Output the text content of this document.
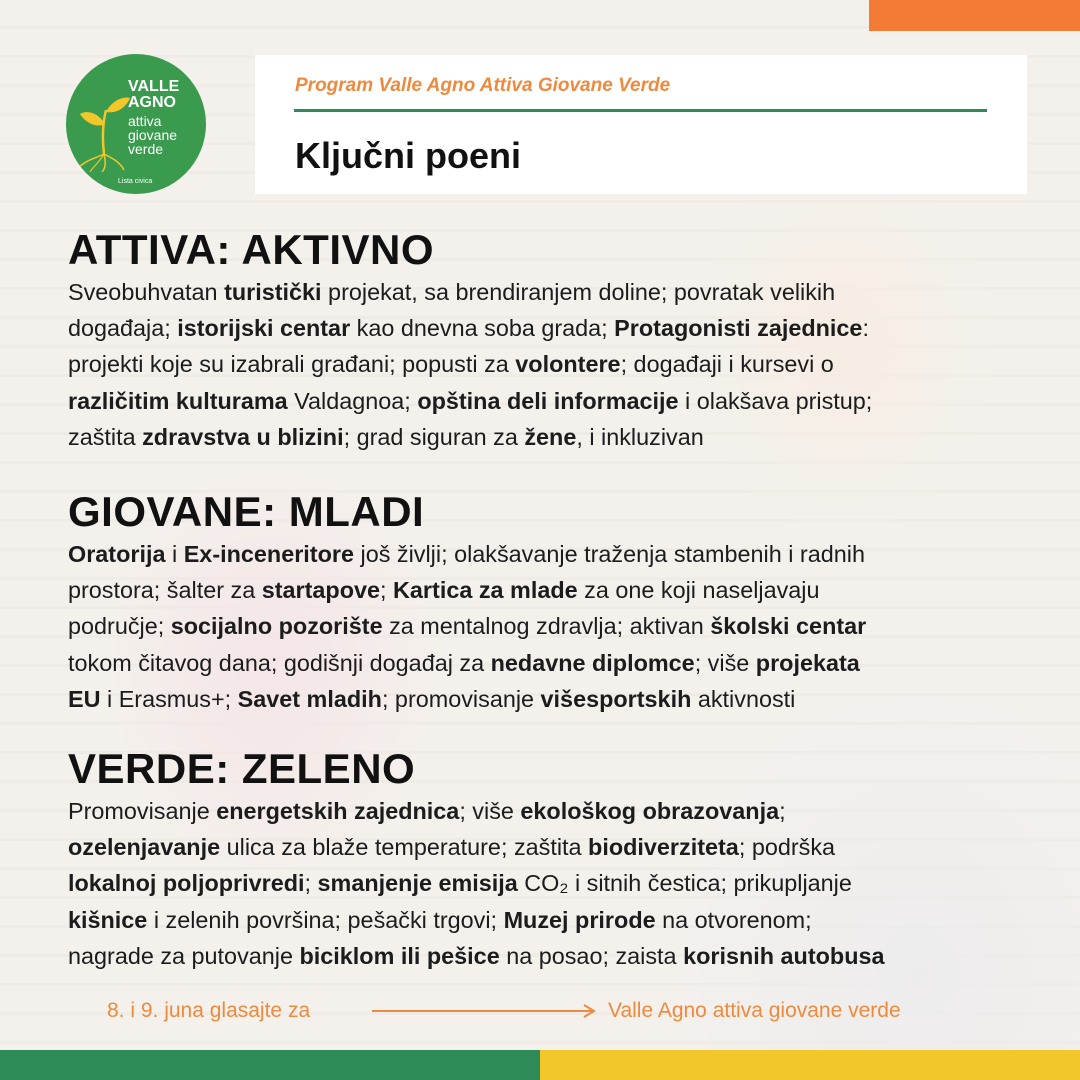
VALLE
AGNO
attiva
giovane
verde
Lista civica
Program Valle Agno Attiva Giovane Verde
Ključni poeni
ATTIVA: AKTIVNO

Sveobuhvatan turistički projekat, sa brendiranjem doline; povratak velikih

događaja; istorijski centar kao dnevna soba grada; Protagonisti zajednice:

projekti koje su izabrali građani; popusti za volontere; događaji i kursevi o

različitim kulturama Valdagnoa; opština deli informacije i olakšava pristup;

zaštita zdravstva u blizini; grad siguran za žene, i inkluzivan

GIOVANE: MLADI

Oratorija i Ex-inceneritore još življi; olakšavanje traženja stambenih i radnih

prostora; šalter za startapove; Kartica za mlade za one koji naseljavaju

područje; socijalno pozorište za mentalnog zdravlja; aktivan školski centar

tokom čitavog dana; godišnji događaj za nedavne diplomce; više projekata

EU i Erasmus+; Savet mladih; promovisanje višesportskih aktivnosti

VERDE: ZELENO

Promovisanje energetskih zajednica; više ekološkog obrazovanja;

ozelenjavanje ulica za blaže temperature; zaštita biodiverziteta; podrška

lokalnoj poljoprivredi; smanjenje emisija CO₂ i sitnih čestica; prikupljanje

kišnice i zelenih površina; pešački trgovi; Muzej prirode na otvorenom;

nagrade za putovanje biciklom ili pešice na posao; zaista korisnih autobusa

8. i 9. juna glasajte za	Valle Agno attiva giovane verde
